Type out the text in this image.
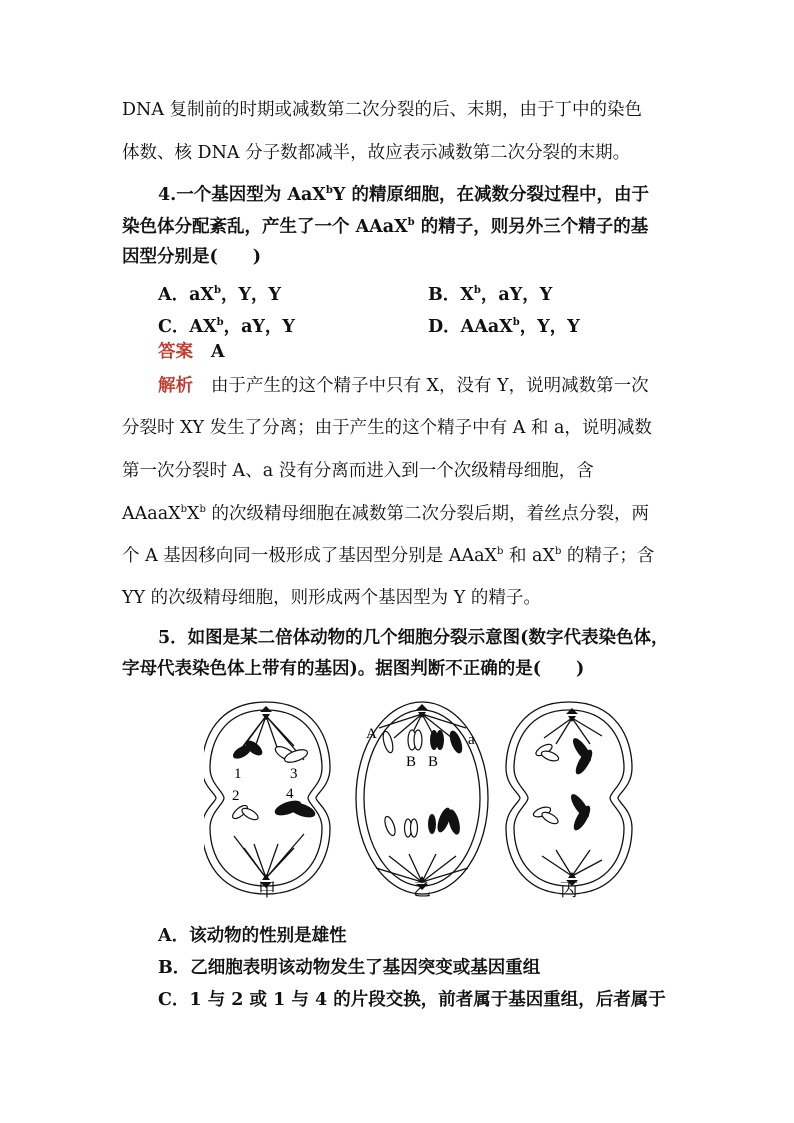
DNA 复制前的时期或减数第二次分裂的后、末期，由于丁中的染色
体数、核 DNA 分子数都减半，故应表示减数第二次分裂的末期。
4.一个基因型为 AaX$^b$Y 的精原细胞，在减数分裂过程中，由于
染色体分配紊乱，产生了一个 AAaX$^b$ 的精子，则另外三个精子的基
因型分别是(　　)
A．$aX^b$，Y，Y	B．$X^b$，aY，Y
C．$AX^b$，aY，Y	D．AAaX$^b$，Y，Y
答案 A
解析 由于产生的这个精子中只有 X，没有 Y，说明减数第一次
分裂时 XY 发生了分离；由于产生的这个精子中有 A 和 a，说明减数
第一次分裂时 A、a 没有分离而进入到一个次级精母细胞，含
$AAaaX^bX^b$ 的次级精母细胞在减数第二次分裂后期，着丝点分裂，两
个 A 基因移向同一极形成了基因型分别是 AAaX$^b$ 和 $aX^b$ 的精子；含
YY 的次级精母细胞，则形成两个基因型为 Y 的精子。
5．如图是某二倍体动物的几个细胞分裂示意图(数字代表染色体，
字母代表染色体上带有的基因)。据图判断不正确的是(　　)
1	3
2	4
A
B B
a
甲	乙	丙
A．该动物的性别是雄性
B．乙细胞表明该动物发生了基因突变或基因重组
C．1 与 2 或 1 与 4 的片段交换，前者属于基因重组，后者属于
